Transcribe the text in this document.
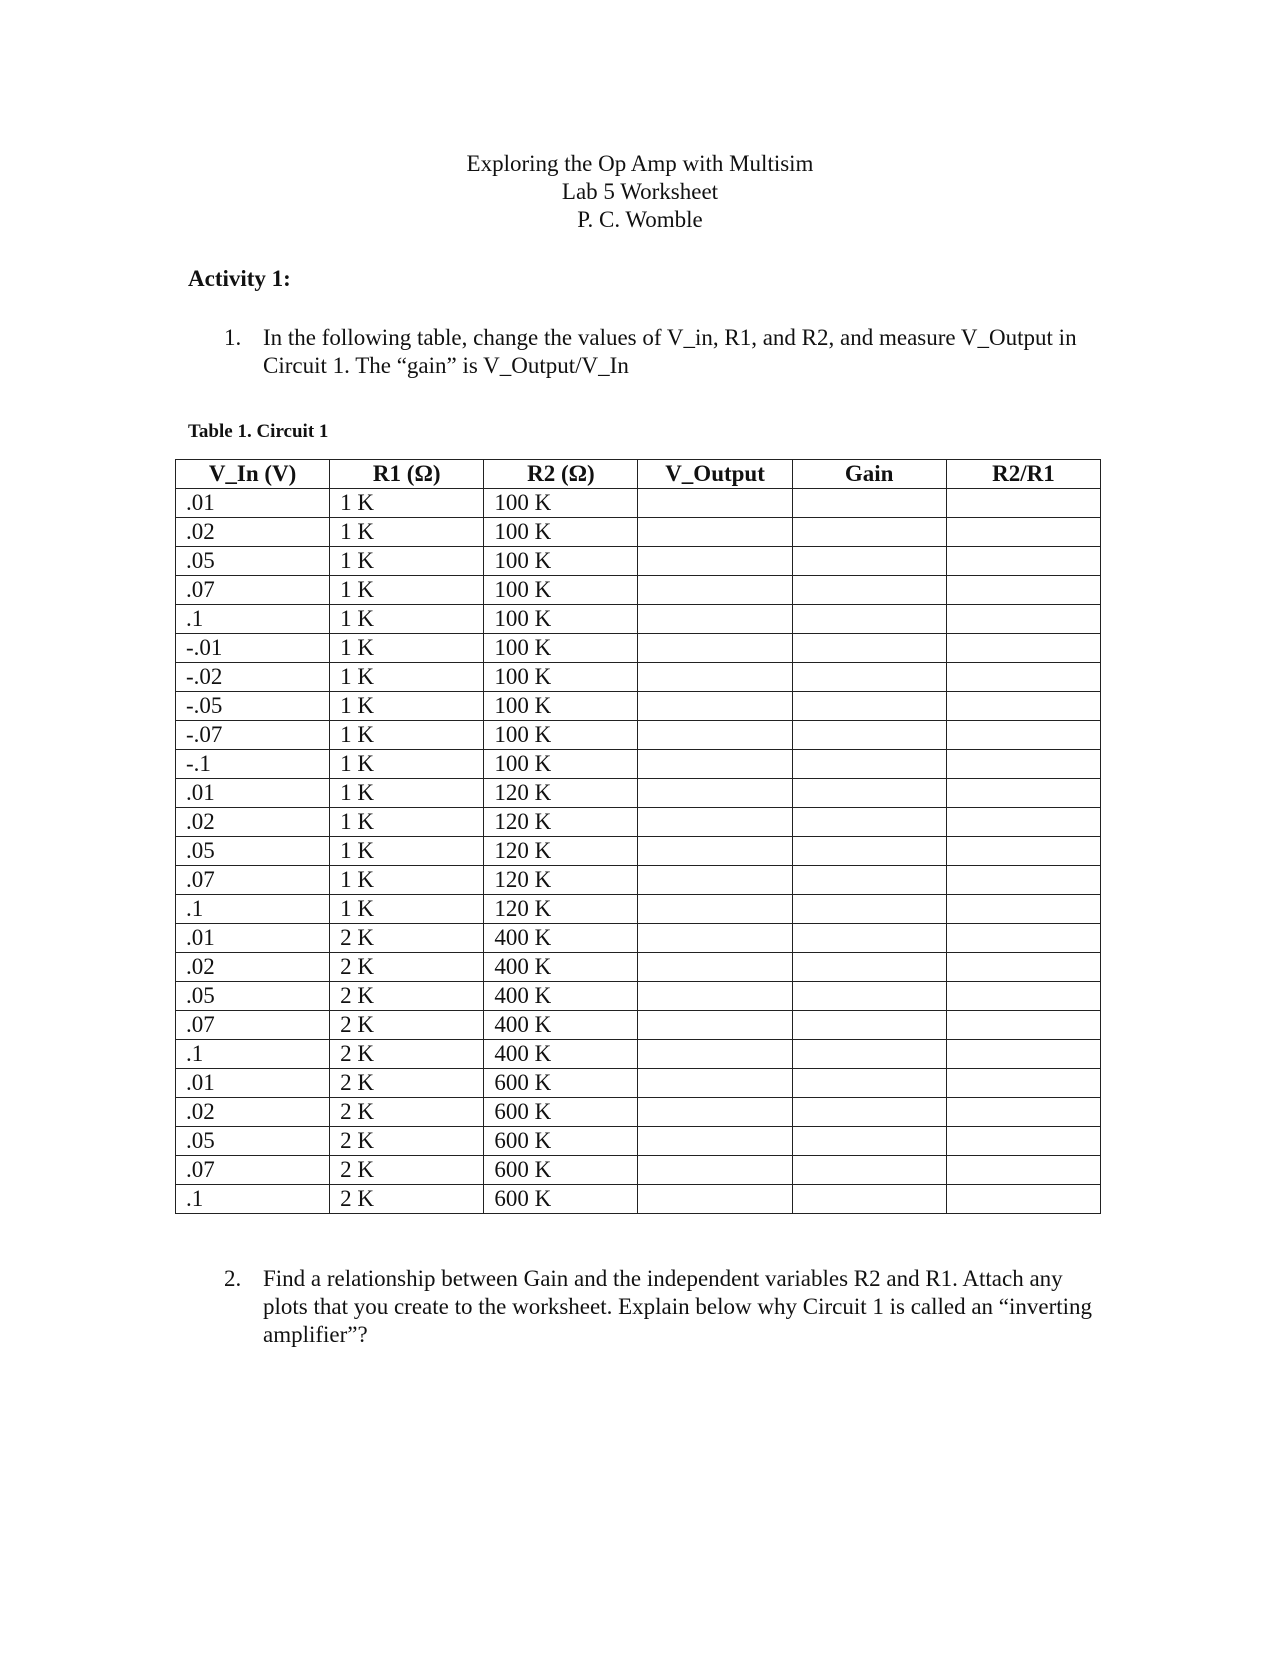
Exploring the Op Amp with Multisim
Lab 5 Worksheet
P. C. Womble
Activity 1:
1. In the following table, change the values of V_in, R1, and R2, and measure V_Output in Circuit 1. The “gain” is V_Output/V_In
Table 1. Circuit 1
V_In (V)	R1 (Ω)	R2 (Ω)	V_Output	Gain	R2/R1
.01	1 K	100 K			
.02	1 K	100 K			
.05	1 K	100 K			
.07	1 K	100 K			
.1	1 K	100 K			
-.01	1 K	100 K			
-.02	1 K	100 K			
-.05	1 K	100 K			
-.07	1 K	100 K			
-.1	1 K	100 K			
.01	1 K	120 K			
.02	1 K	120 K			
.05	1 K	120 K			
.07	1 K	120 K			
.1	1 K	120 K			
.01	2 K	400 K			
.02	2 K	400 K			
.05	2 K	400 K			
.07	2 K	400 K			
.1	2 K	400 K			
.01	2 K	600 K			
.02	2 K	600 K			
.05	2 K	600 K			
.07	2 K	600 K			
.1	2 K	600 K			
2. Find a relationship between Gain and the independent variables R2 and R1. Attach any plots that you create to the worksheet. Explain below why Circuit 1 is called an “inverting amplifier”?
